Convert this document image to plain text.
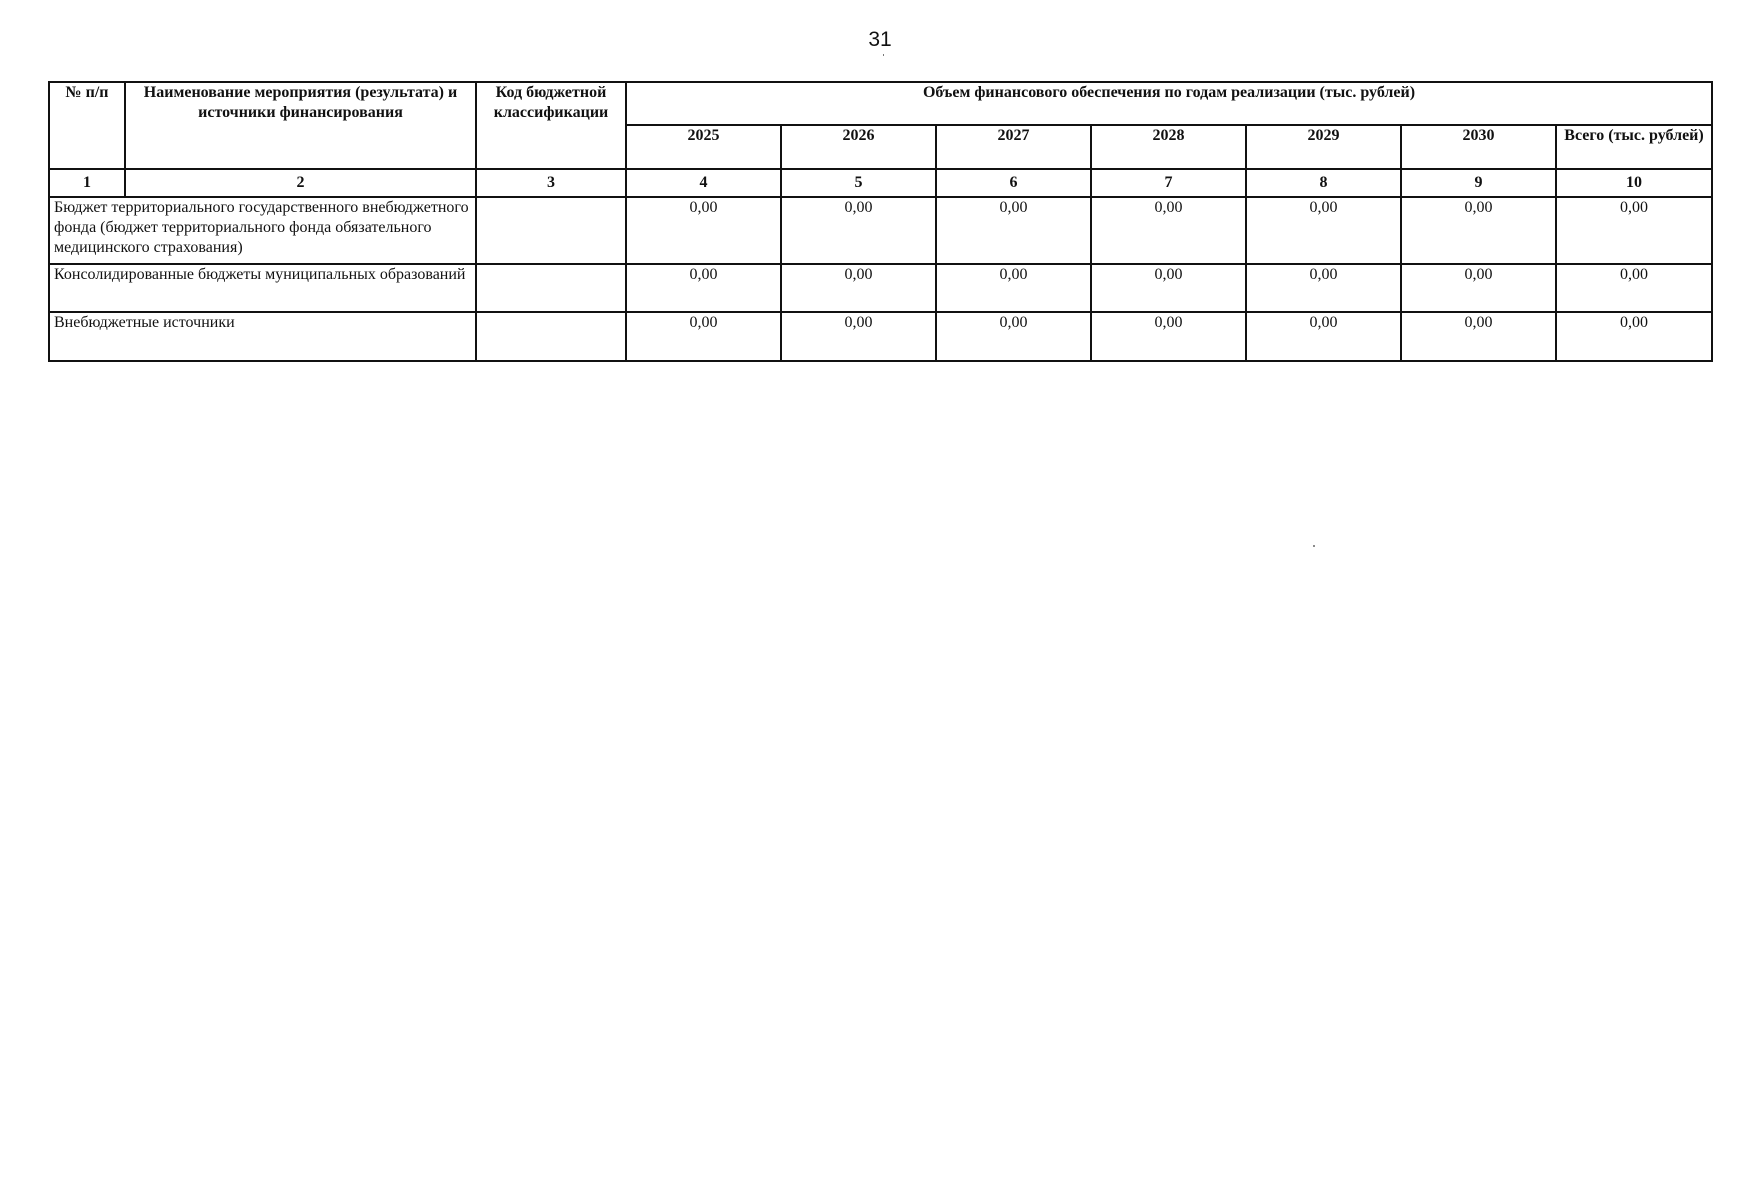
31
№ п/п	Наименование мероприятия (результата) и источники финансирования	Код бюджетной классификации	Объем финансового обеспечения по годам реализации (тыс. рублей)						
			2025	2026	2027	2028	2029	2030	Всего (тыс. рублей)
1	2	3	4	5	6	7	8	9	10
Бюджет территориального государственного внебюджетного фонда (бюджет территориального фонда обязательного медицинского страхования)			0,00	0,00	0,00	0,00	0,00	0,00	0,00
Консолидированные бюджеты муниципальных образований			0,00	0,00	0,00	0,00	0,00	0,00	0,00
Внебюджетные источники			0,00	0,00	0,00	0,00	0,00	0,00	0,00
